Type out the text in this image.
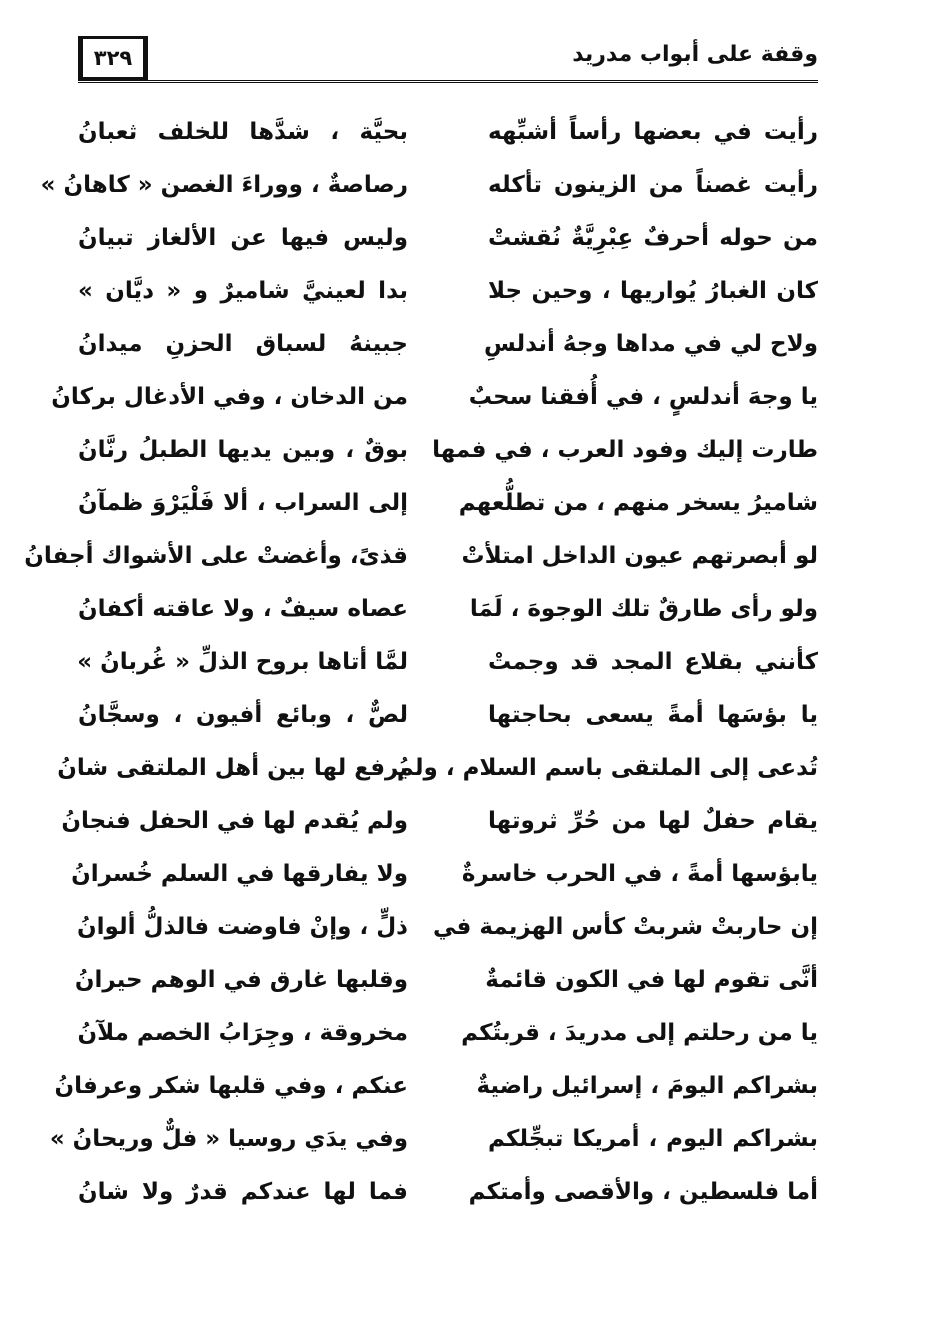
٣٢٩	وقفة على أبواب مدريد
رأيت في بعضها رأساً أشبِّهه
بحيَّة ، شدَّها للخلف ثعبانُ
رأيت غصناً من الزينون تأكله
رصاصةٌ ، ووراءَ الغصن « كاهانُ »
من حوله أحرفٌ عِبْرِيَّةٌ نُقشتْ
وليس فيها عن الألغاز تبيانُ
كان الغبارُ يُواريها ، وحين جلا
بدا لعينيَّ شاميرٌ و « ديَّان »
ولاح لي في مداها وجهُ أندلسِ
جبينهُ لسباق الحزنِ ميدانُ
يا وجهَ أندلسٍ ، في أُفقنا سحبٌ
من الدخان ، وفي الأدغال بركانُ
طارت إليك وفود العرب ، في فمها
بوقٌ ، وبين يديها الطبلُ رنَّانُ
شاميرُ يسخر منهم ، من تطلُّعهم
إلى السراب ، ألا فَلْيَرْوَ ظمآنُ
لو أبصرتهم عيون الداخل امتلأتْ
قذىً، وأغضتْ على الأشواك أجفانُ
ولو رأى طارقٌ تلك الوجوهَ ، لَمَا
عصاه سيفٌ ، ولا عاقته أكفانُ
كأنني بقلاع المجد قد وجمتْ
لمَّا أتاها بروح الذلِّ « غُربانُ »
يا بؤسَها أمةً يسعى بحاجتها
لصٌّ ، وبائع أفيون ، وسجَّانُ
تُدعى إلى الملتقى باسم السلام ، ولم
يُرفع لها بين أهل الملتقى شانُ
يقام حفلٌ لها من حُرِّ ثروتها
ولم يُقدم لها في الحفل فنجانُ
يابؤسها أمةً ، في الحرب خاسرةٌ
ولا يفارقها في السلم خُسرانُ
إن حاربتْ شربتْ كأس الهزيمة في
ذلٍّ ، وإنْ فاوضت فالذلُّ ألوانُ
أنَّى تقوم لها في الكون قائمةٌ
وقلبها غارق في الوهم حيرانُ
يا من رحلتم إلى مدريدَ ، قربتُكم
مخروقة ، وجِرَابُ الخصم ملآنُ
بشراكم اليومَ ، إسرائيل راضيةٌ
عنكم ، وفي قلبها شكر وعرفانُ
بشراكم اليوم ، أمريكا تبجِّلكم
وفي يدَي روسيا « فلٌّ وريحانُ »
أما فلسطين ، والأقصى وأمتكم
فما لها عندكم قدرٌ ولا شانُ
